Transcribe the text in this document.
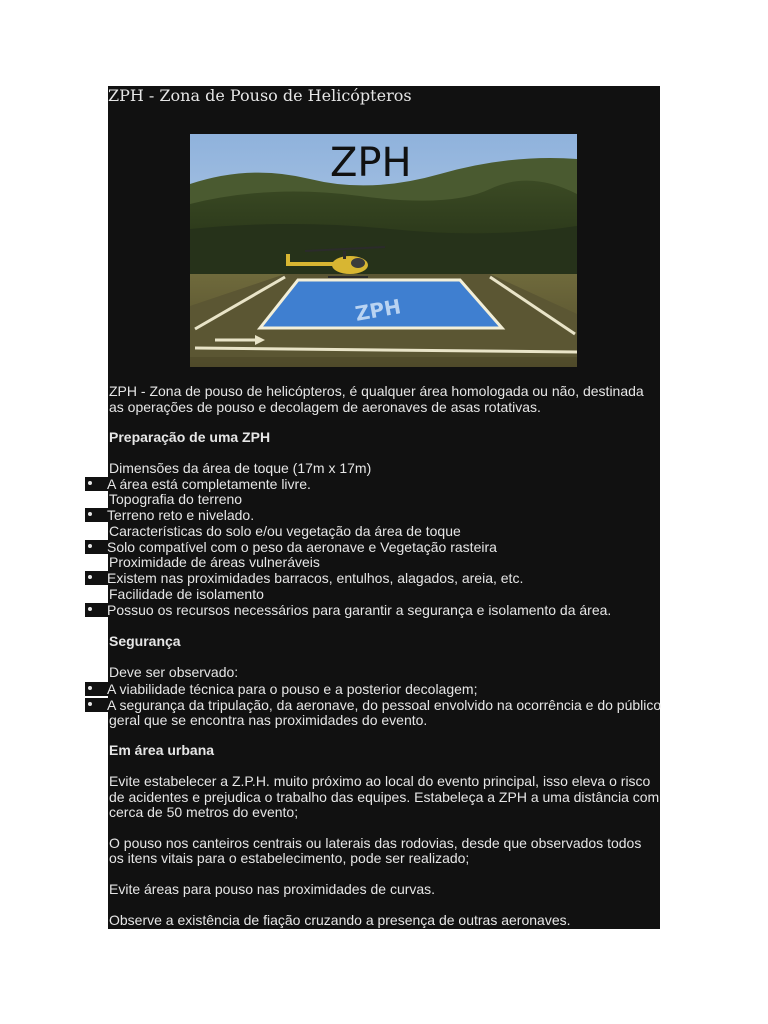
ZPH - Zona de Pouso de Helicópteros
ZPH
ZPH
ZPH - Zona de pouso de helicópteros, é qualquer área homologada ou não, destinada
as operações de pouso e decolagem de aeronaves de asas rotativas.
Preparação de uma ZPH
Dimensões da área de toque (17m x 17m)
A área está completamente livre.
Topografia do terreno
Terreno reto e nivelado.
Características do solo e/ou vegetação da área de toque
Solo compatível com o peso da aeronave e Vegetação rasteira
Proximidade de áreas vulneráveis
Existem nas proximidades barracos, entulhos, alagados, areia, etc.
Facilidade de isolamento
Possuo os recursos necessários para garantir a segurança e isolamento da área.
Segurança
Deve ser observado:
A viabilidade técnica para o pouso e a posterior decolagem;
A segurança da tripulação, da aeronave, do pessoal envolvido na ocorrência e do público
geral que se encontra nas proximidades do evento.
Em área urbana
Evite estabelecer a Z.P.H. muito próximo ao local do evento principal, isso eleva o risco
de acidentes e prejudica o trabalho das equipes. Estabeleça a ZPH a uma distância com
cerca de 50 metros do evento;
O pouso nos canteiros centrais ou laterais das rodovias, desde que observados todos
os itens vitais para o estabelecimento, pode ser realizado;
Evite áreas para pouso nas proximidades de curvas.
Observe a existência de fiação cruzando a presença de outras aeronaves.
